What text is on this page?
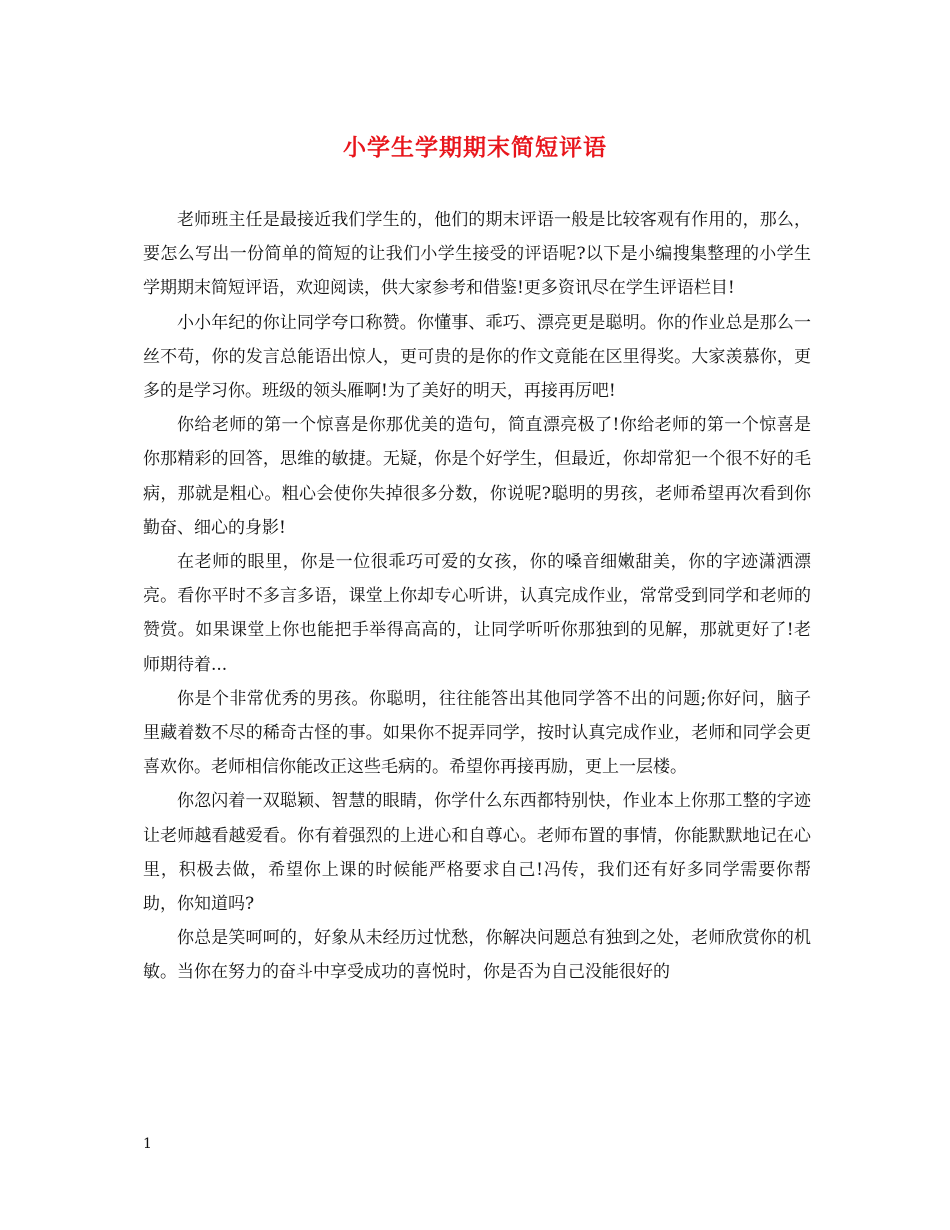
小学生学期期末简短评语

老师班主任是最接近我们学生的，他们的期末评语一般是比较客观有作用的，那么，要怎么写出一份简单的简短的让我们小学生接受的评语呢?以下是小编搜集整理的小学生学期期末简短评语，欢迎阅读，供大家参考和借鉴!更多资讯尽在学生评语栏目!

小小年纪的你让同学夸口称赞。你懂事、乖巧、漂亮更是聪明。你的作业总是那么一丝不苟，你的发言总能语出惊人，更可贵的是你的作文竟能在区里得奖。大家羡慕你，更多的是学习你。班级的领头雁啊!为了美好的明天，再接再厉吧!

你给老师的第一个惊喜是你那优美的造句，简直漂亮极了!你给老师的第一个惊喜是你那精彩的回答，思维的敏捷。无疑，你是个好学生，但最近，你却常犯一个很不好的毛病，那就是粗心。粗心会使你失掉很多分数，你说呢?聪明的男孩，老师希望再次看到你勤奋、细心的身影!

在老师的眼里，你是一位很乖巧可爱的女孩，你的嗓音细嫩甜美，你的字迹潇洒漂亮。看你平时不多言多语，课堂上你却专心听讲，认真完成作业，常常受到同学和老师的赞赏。如果课堂上你也能把手举得高高的，让同学听听你那独到的见解，那就更好了!老师期待着...

你是个非常优秀的男孩。你聪明，往往能答出其他同学答不出的问题;你好问，脑子里藏着数不尽的稀奇古怪的事。如果你不捉弄同学，按时认真完成作业，老师和同学会更喜欢你。老师相信你能改正这些毛病的。希望你再接再励，更上一层楼。

你忽闪着一双聪颖、智慧的眼睛，你学什么东西都特别快，作业本上你那工整的字迹让老师越看越爱看。你有着强烈的上进心和自尊心。老师布置的事情，你能默默地记在心里，积极去做，希望你上课的时候能严格要求自己!冯传，我们还有好多同学需要你帮助，你知道吗?

你总是笑呵呵的，好象从未经历过忧愁，你解决问题总有独到之处，老师欣赏你的机敏。当你在努力的奋斗中享受成功的喜悦时，你是否为自己没能很好的

1
